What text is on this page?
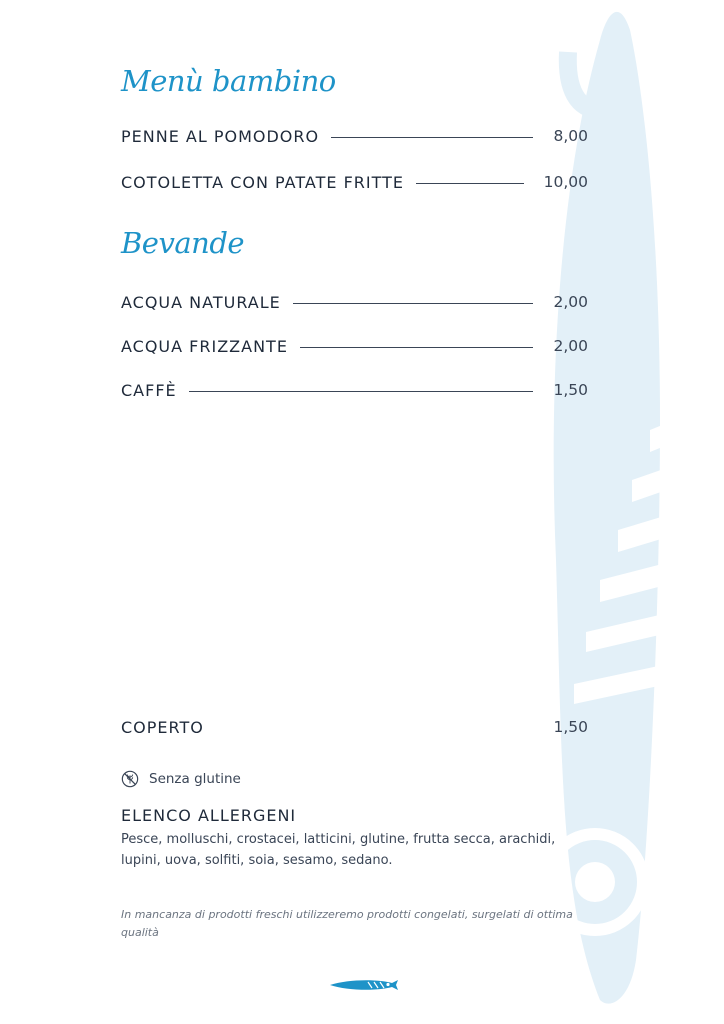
Menù bambino
PENNE AL POMODORO	8,00
COTOLETTA CON PATATE FRITTE	10,00
Bevande
ACQUA NATURALE	2,00
ACQUA FRIZZANTE	2,00
CAFFÈ	1,50
COPERTO	1,50
Senza glutine
ELENCO ALLERGENI
Pesce, molluschi, crostacei, latticini, glutine, frutta secca, arachidi, lupini, uova, solfiti, soia, sesamo, sedano.
In mancanza di prodotti freschi utilizzeremo prodotti congelati, surgelati di ottima qualità
